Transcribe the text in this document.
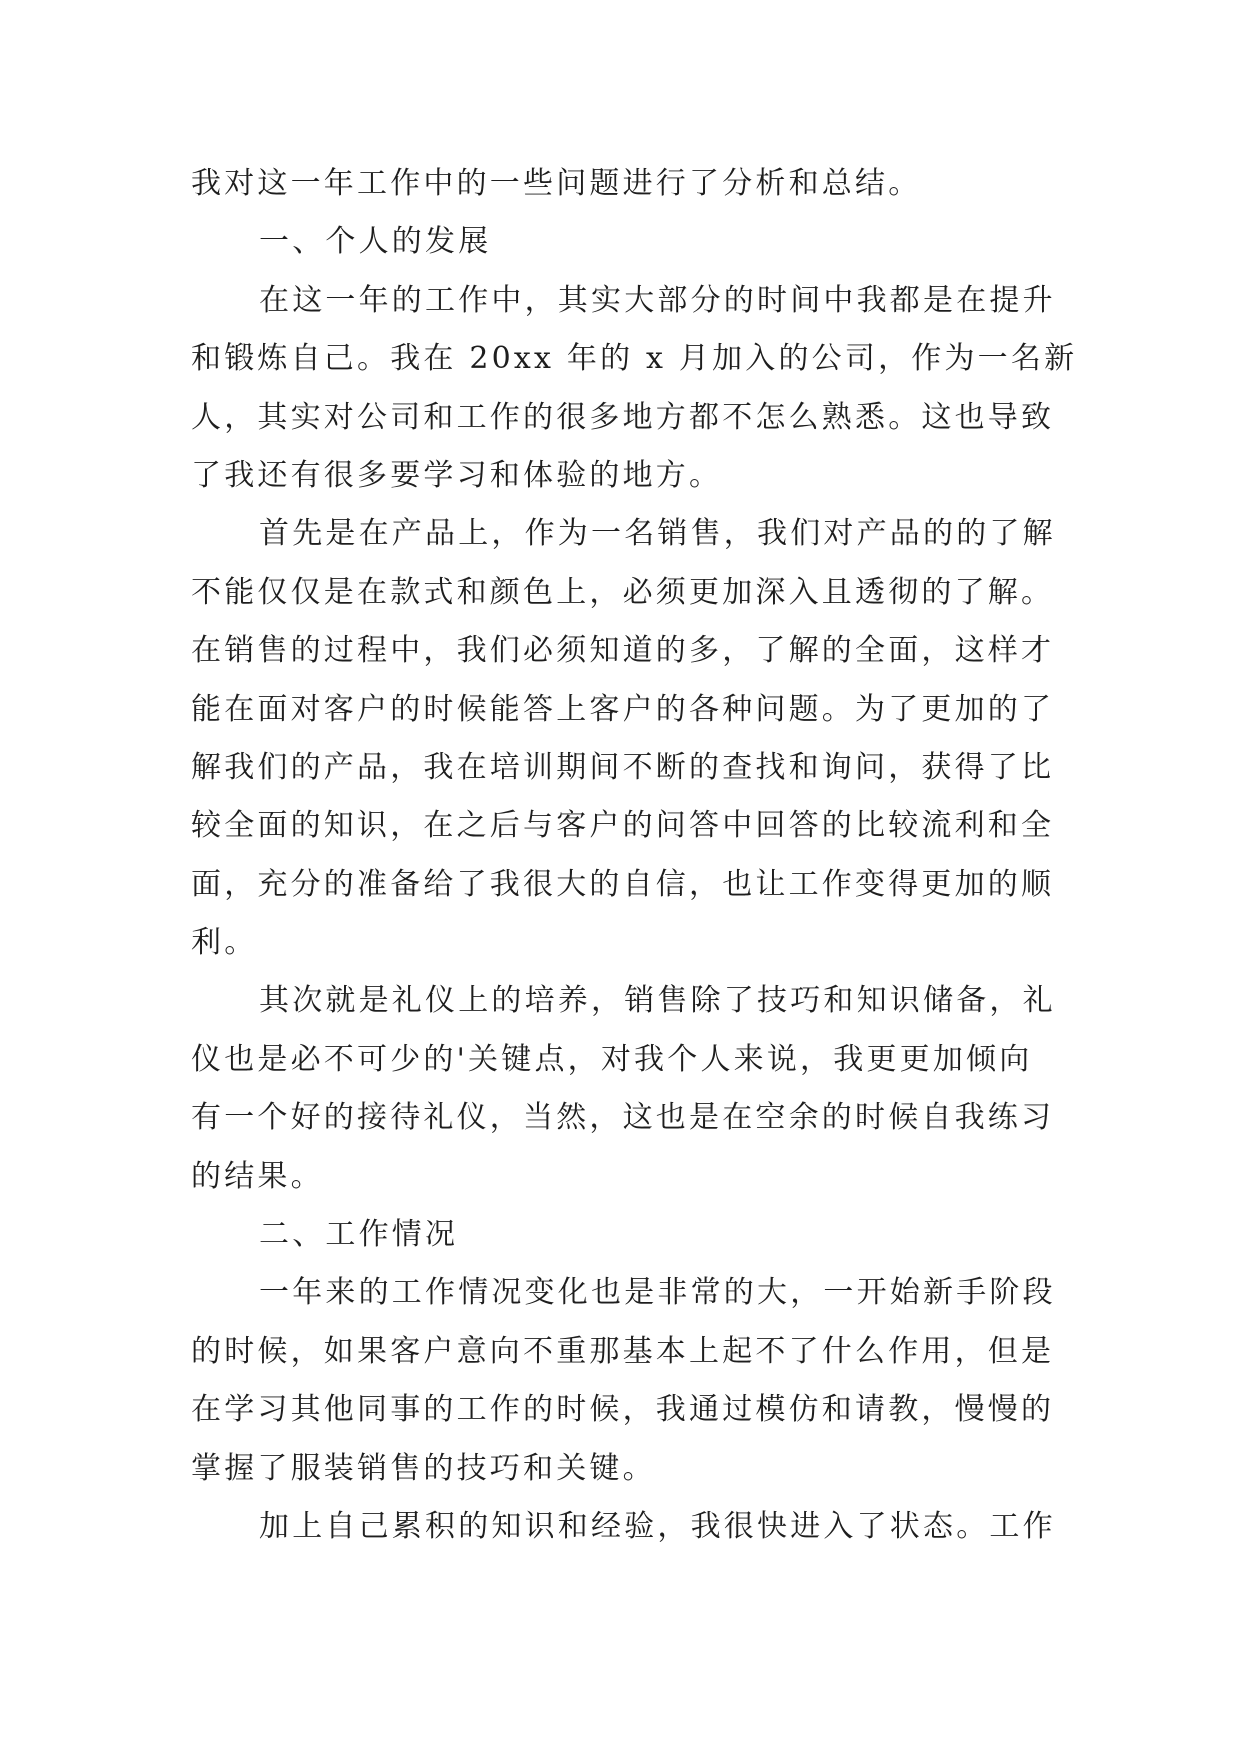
我对这一年工作中的一些问题进行了分析和总结。
一、个人的发展
在这一年的工作中，其实大部分的时间中我都是在提升
和锻炼自己。我在 20xx 年的 x 月加入的公司，作为一名新
人，其实对公司和工作的很多地方都不怎么熟悉。这也导致
了我还有很多要学习和体验的地方。
首先是在产品上，作为一名销售，我们对产品的的了解
不能仅仅是在款式和颜色上，必须更加深入且透彻的了解。
在销售的过程中，我们必须知道的多，了解的全面，这样才
能在面对客户的时候能答上客户的各种问题。为了更加的了
解我们的产品，我在培训期间不断的查找和询问，获得了比
较全面的知识，在之后与客户的问答中回答的比较流利和全
面，充分的准备给了我很大的自信，也让工作变得更加的顺
利。
其次就是礼仪上的培养，销售除了技巧和知识储备，礼
仪也是必不可少的'关键点，对我个人来说，我更更加倾向
有一个好的接待礼仪，当然，这也是在空余的时候自我练习
的结果。
二、工作情况
一年来的工作情况变化也是非常的大，一开始新手阶段
的时候，如果客户意向不重那基本上起不了什么作用，但是
在学习其他同事的工作的时候，我通过模仿和请教，慢慢的
掌握了服装销售的技巧和关键。
加上自己累积的知识和经验，我很快进入了状态。工作
